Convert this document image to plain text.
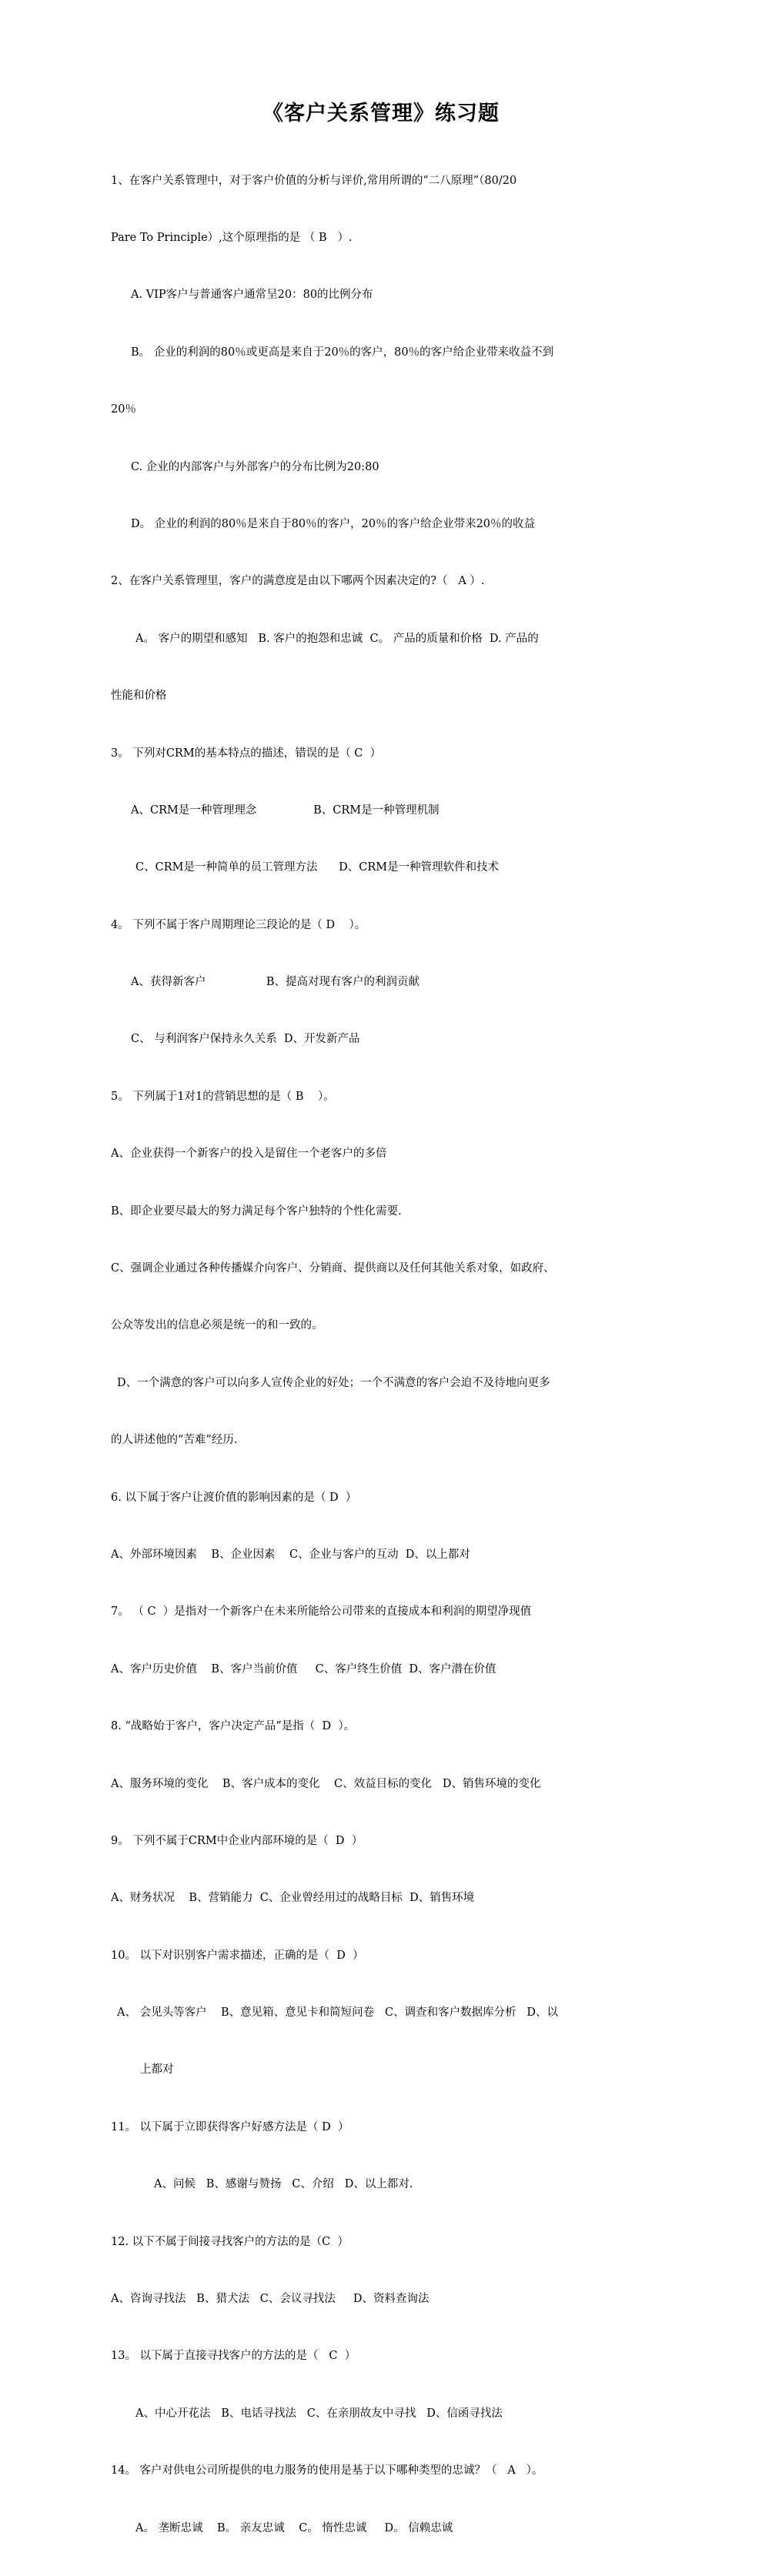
《客户关系管理》练习题

1、在客户关系管理中，对于客户价值的分析与评价,常用所谓的“二八原理”（80/20

Pare To Principle）,这个原理指的是 （ B   ）.

A. VIP客户与普通客户通常呈20：80的比例分布

B。 企业的利润的80％或更高是来自于20％的客户，80％的客户给企业带来收益不到

20％

C. 企业的内部客户与外部客户的分布比例为20:80

D。 企业的利润的80％是来自于80％的客户，20％的客户给企业带来20％的收益

2、在客户关系管理里，客户的满意度是由以下哪两个因素决定的?（   A ）.

A。 客户的期望和感知   B. 客户的抱怨和忠诚  C。 产品的质量和价格  D. 产品的

性能和价格

3。 下列对CRM的基本特点的描述，错误的是（ C  ）

A、CRM是一种管理理念                B、CRM是一种管理机制

C、CRM是一种简单的员工管理方法      D、CRM是一种管理软件和技术

4。 下列不属于客户周期理论三段论的是（ D    ）。

A、获得新客户                 B、提高对现有客户的利润贡献

C、 与利润客户保持永久关系  D、开发新产品

5。 下列属于1对1的营销思想的是（ B    ）。

A、企业获得一个新客户的投入是留住一个老客户的多倍

B、即企业要尽最大的努力满足每个客户独特的个性化需要.

C、强调企业通过各种传播媒介向客户、分销商、提供商以及任何其他关系对象，如政府、

公众等发出的信息必须是统一的和一致的。

D、一个满意的客户可以向多人宣传企业的好处；一个不满意的客户会迫不及待地向更多

的人讲述他的“苦难”经历.

6. 以下属于客户让渡价值的影响因素的是（ D  ）

A、外部环境因素    B、企业因素    C、企业与客户的互动  D、以上都对

7。 （ C  ）是指对一个新客户在未来所能给公司带来的直接成本和利润的期望净现值

A、客户历史价值    B、客户当前价值     C、客户终生价值  D、客户潜在价值

8. “战略始于客户，客户决定产品”是指（  D  ）。

A、服务环境的变化    B、客户成本的变化    C、效益目标的变化   D、销售环境的变化

9。 下列不属于CRM中企业内部环境的是（  D  ）

A、财务状况    B、营销能力  C、企业曾经用过的战略目标  D、销售环境

10。 以下对识别客户需求描述，正确的是（  D  ）

A、 会见头等客户    B、意见箱、意见卡和简短问卷   C、调查和客户数据库分析   D、以

上都对

11。 以下属于立即获得客户好感方法是（ D  ）

A、问候   B、感谢与赞扬   C、介绍   D、以上都对.

12. 以下不属于间接寻找客户的方法的是（C  ）

A、咨询寻找法   B、猎犬法   C、会议寻找法     D、资料查询法

13。 以下属于直接寻找客户的方法的是（   C  ）

A、中心开花法   B、电话寻找法   C、在亲朋故友中寻找   D、信函寻找法

14。 客户对供电公司所提供的电力服务的使用是基于以下哪种类型的忠诚？（   A   ）。

A。 垄断忠诚    B。 亲友忠诚    C。 惰性忠诚     D。 信赖忠诚
